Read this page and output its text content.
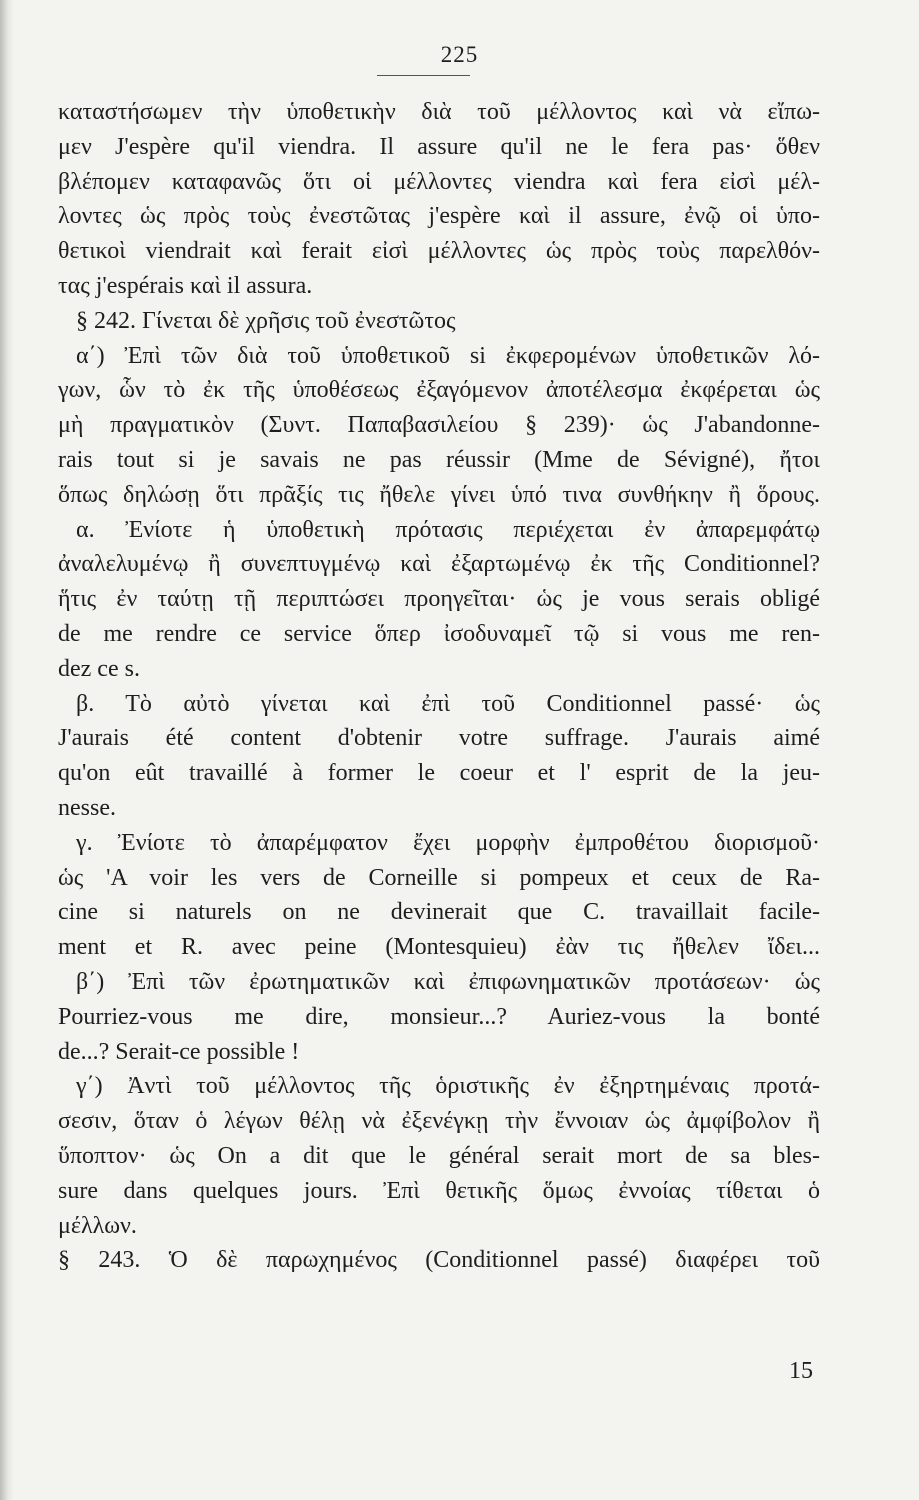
225
καταστήσωμεν τὴν ὑποθετικὴν διὰ τοῦ μέλλοντος καὶ νὰ εἴπω-
μεν J'espère qu'il viendra. Il assure qu'il ne le fera pas· ὅθεν
βλέπομεν καταφανῶς ὅτι οἱ μέλλοντες viendra καὶ fera εἰσὶ μέλ-
λοντες ὡς πρὸς τοὺς ἐνεστῶτας j'espère καὶ il assure, ἐνῷ οἱ ὑπο-
θετικοὶ viendrait καὶ ferait εἰσὶ μέλλοντες ὡς πρὸς τοὺς παρελθόν-
τας j'espérais καὶ il assura.
§ 242. Γίνεται δὲ χρῆσις τοῦ ἐνεστῶτος
α΄) Ἐπὶ τῶν διὰ τοῦ ὑποθετικοῦ si ἐκφερομένων ὑποθετικῶν λό-
γων, ὧν τὸ ἐκ τῆς ὑποθέσεως ἐξαγόμενον ἀποτέλεσμα ἐκφέρεται ὡς
μὴ πραγματικὸν (Συντ. Παπαβασιλείου § 239)· ὡς J'abandonne-
rais tout si je savais ne pas réussir (Mme de Sévigné), ἤτοι
ὅπως δηλώσῃ ὅτι πρᾶξίς τις ἤθελε γίνει ὑπό τινα συνθήκην ἢ ὅρους.
α. Ἐνίοτε ἡ ὑποθετικὴ πρότασις περιέχεται ἐν ἀπαρεμφάτῳ
ἀναλελυμένῳ ἢ συνεπτυγμένῳ καὶ ἐξαρτωμένῳ ἐκ τῆς Conditionnel?
ἥτις ἐν ταύτῃ τῇ περιπτώσει προηγεῖται· ὡς je vous serais obligé
de me rendre ce service ὅπερ ἰσοδυναμεῖ τῷ si vous me ren-
dez ce s.
β. Τὸ αὐτὸ γίνεται καὶ ἐπὶ τοῦ Conditionnel passé· ὡς
J'aurais été content d'obtenir votre suffrage. J'aurais aimé
qu'on eût travaillé à former le coeur et l' esprit de la jeu-
nesse.
γ. Ἐνίοτε τὸ ἀπαρέμφατον ἔχει μορφὴν ἐμπροθέτου διορισμοῦ·
ὡς 'A voir les vers de Corneille si pompeux et ceux de Ra-
cine si naturels on ne devinerait que C. travaillait facile-
ment et R. avec peine (Montesquieu) ἐὰν τις ἤθελεν ἴδει...
β΄) Ἐπὶ τῶν ἐρωτηματικῶν καὶ ἐπιφωνηματικῶν προτάσεων· ὡς
Pourriez-vous me dire, monsieur...? Auriez-vous la bonté
de...? Serait-ce possible !
γ΄) Ἀντὶ τοῦ μέλλοντος τῆς ὁριστικῆς ἐν ἐξηρτημέναις προτά-
σεσιν, ὅταν ὁ λέγων θέλῃ νὰ ἐξενέγκῃ τὴν ἔννοιαν ὡς ἀμφίβολον ἢ
ὕποπτον· ὡς On a dit que le général serait mort de sa bles-
sure dans quelques jours. Ἐπὶ θετικῆς ὅμως ἐννοίας τίθεται ὁ
μέλλων.
§ 243. Ὁ δὲ παρωχημένος (Conditionnel passé) διαφέρει τοῦ
15
